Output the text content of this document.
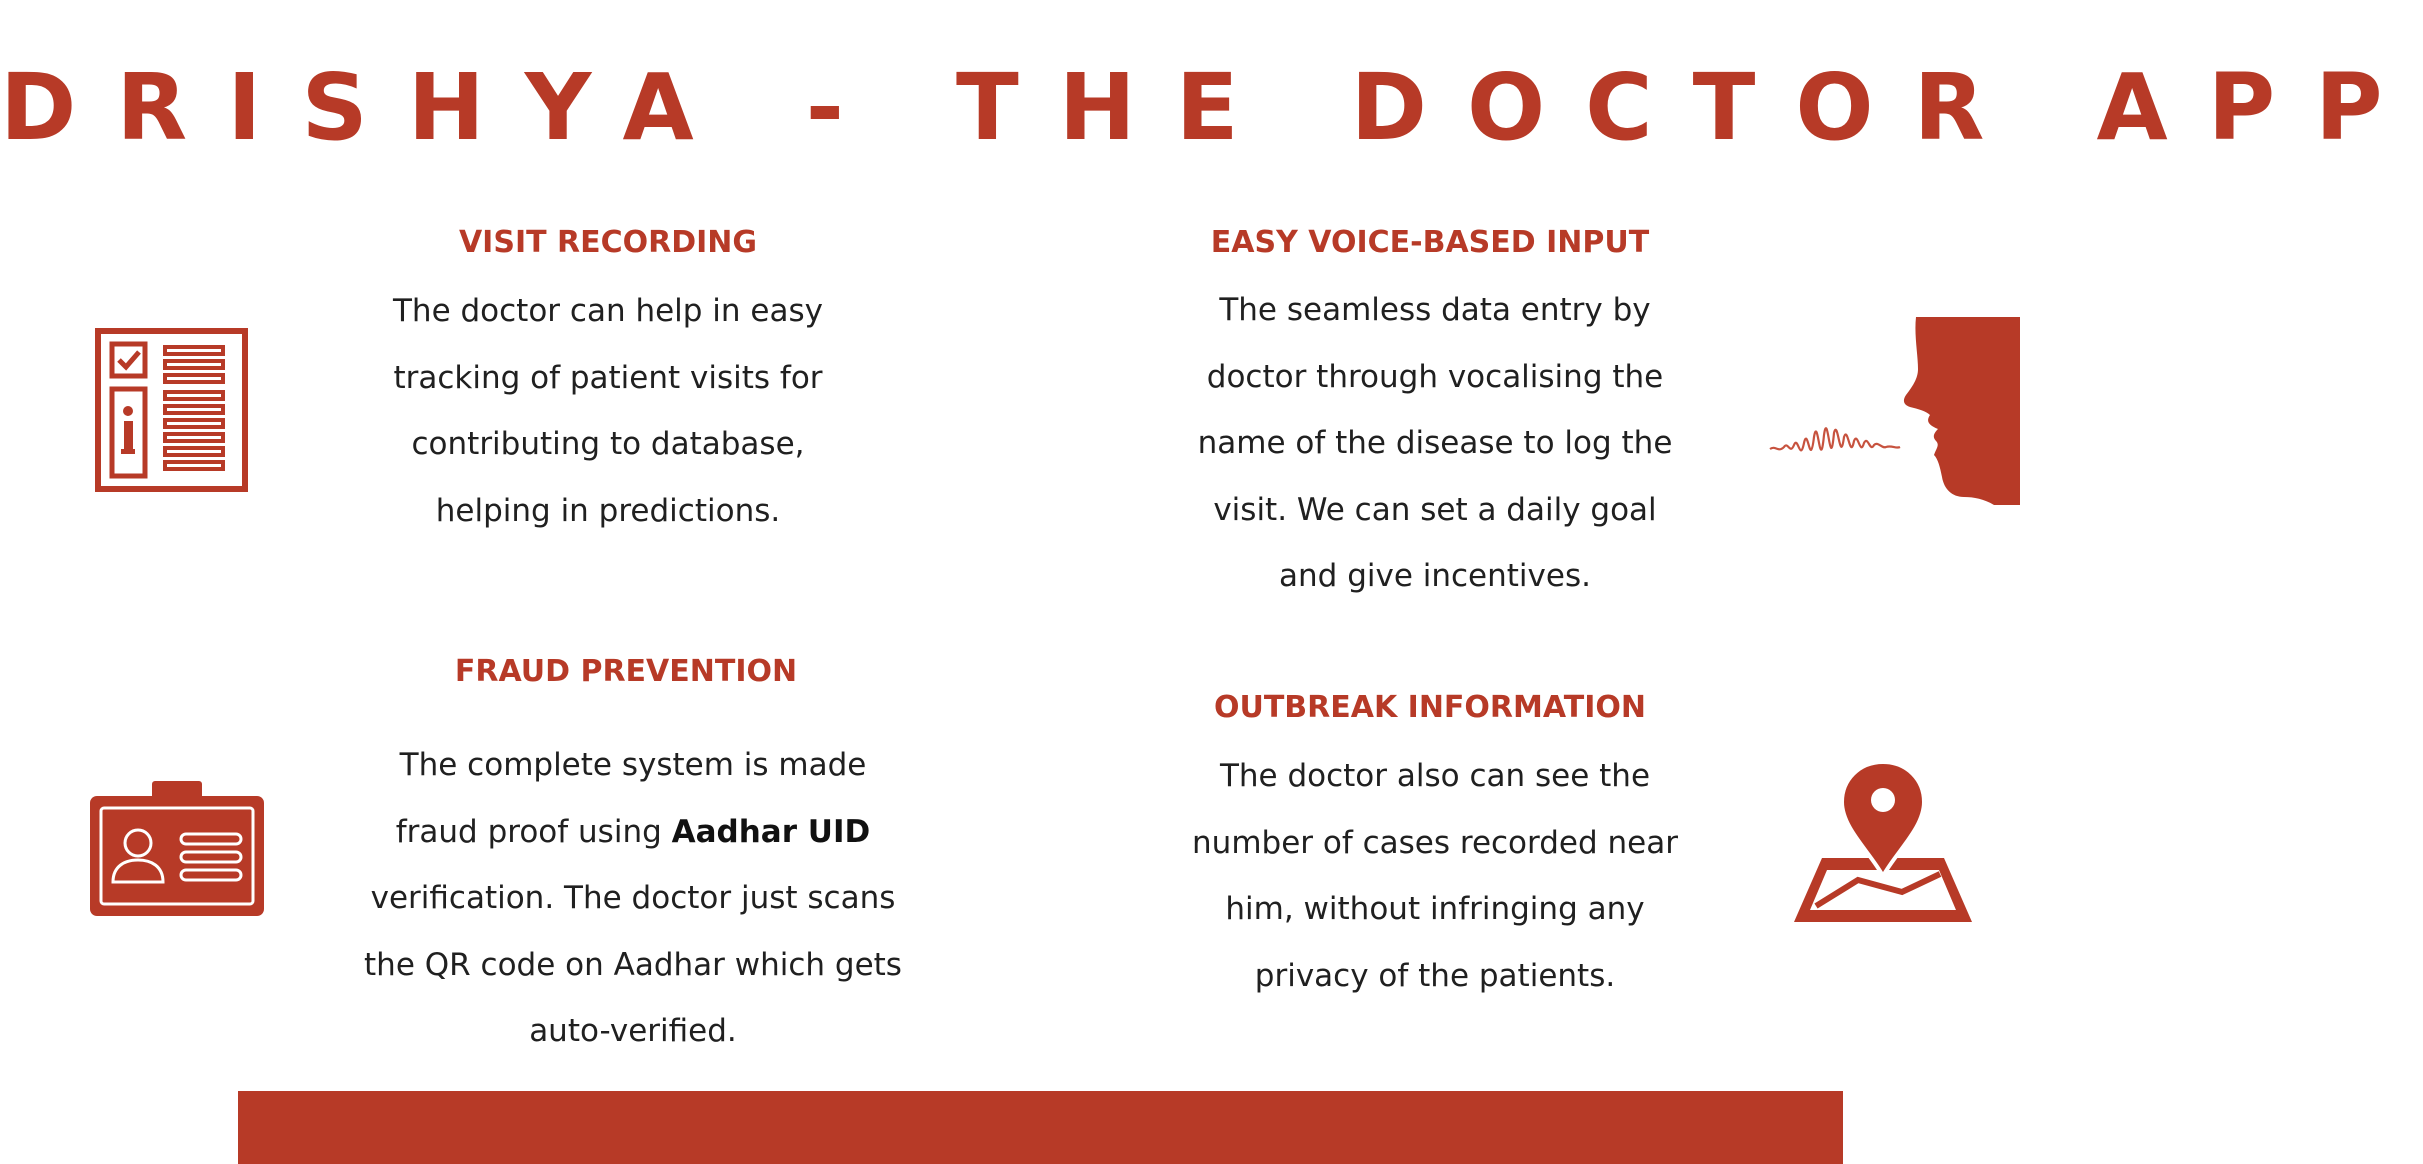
DRISHYA - THE DOCTOR APP
VISIT RECORDING
The doctor can help in easy tracking of patient visits for contributing to database, helping in predictions.
EASY VOICE-BASED INPUT
The seamless data entry by doctor through vocalising the name of the disease to log the visit. We can set a daily goal and give incentives.
FRAUD PREVENTION
The complete system is made fraud proof using Aadhar UID verification. The doctor just scans the QR code on Aadhar which gets auto-verified.
OUTBREAK INFORMATION
The doctor also can see the number of cases recorded near him, without infringing any privacy of the patients.
